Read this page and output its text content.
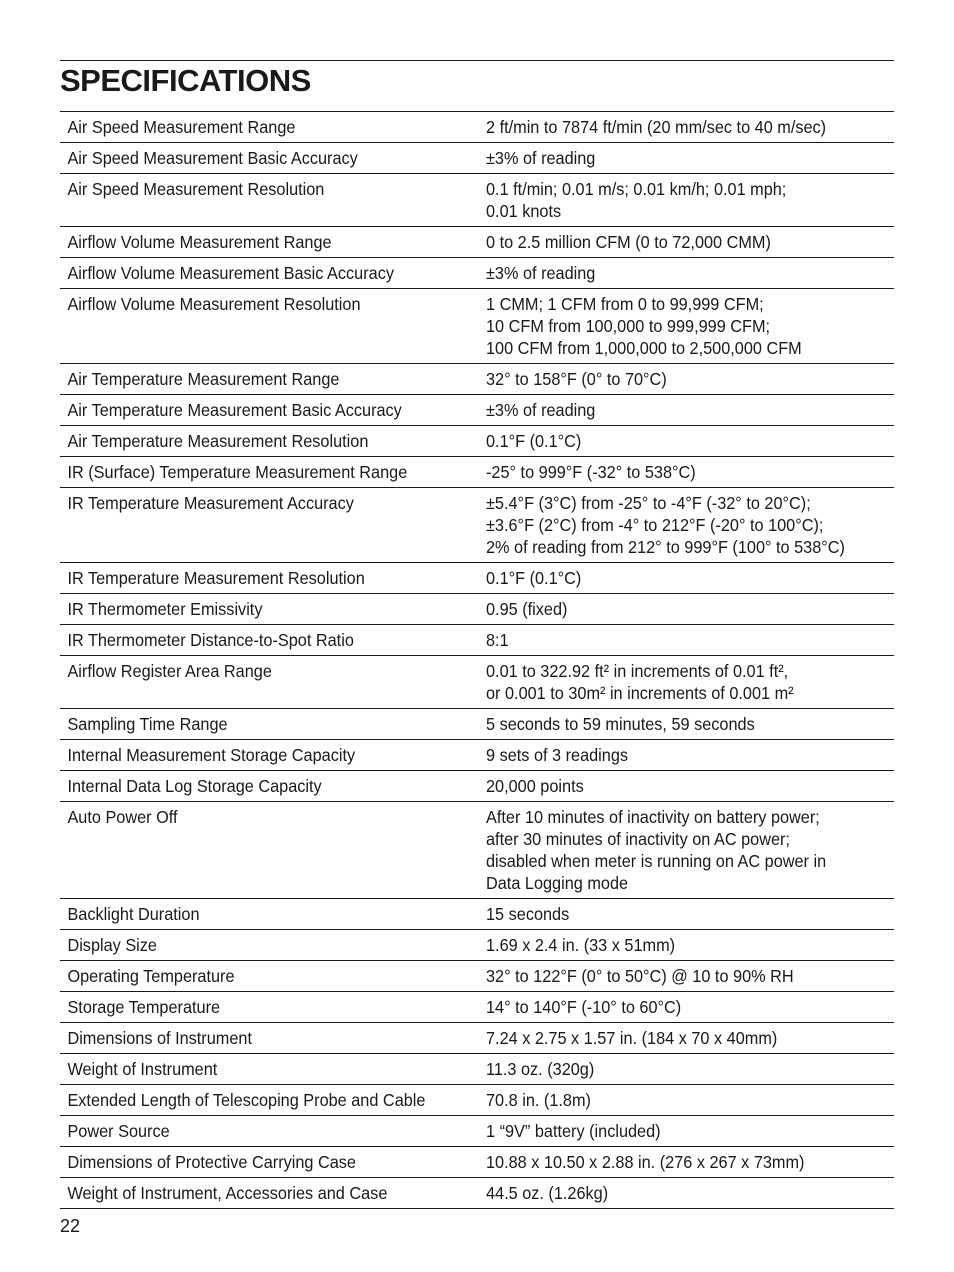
SPECIFICATIONS
Air Speed Measurement Range	2 ft/min to 7874 ft/min (20 mm/sec to 40 m/sec)
Air Speed Measurement Basic Accuracy	±3% of reading
Air Speed Measurement Resolution	0.1 ft/min; 0.01 m/s; 0.01 km/h; 0.01 mph;
0.01 knots
Airflow Volume Measurement Range	0 to 2.5 million CFM (0 to 72,000 CMM)
Airflow Volume Measurement Basic Accuracy	±3% of reading
Airflow Volume Measurement Resolution	1 CMM; 1 CFM from 0 to 99,999 CFM;
10 CFM from 100,000 to 999,999 CFM;
100 CFM from 1,000,000 to 2,500,000 CFM
Air Temperature Measurement Range	32° to 158°F (0° to 70°C)
Air Temperature Measurement Basic Accuracy	±3% of reading
Air Temperature Measurement Resolution	0.1°F (0.1°C)
IR (Surface) Temperature Measurement Range	-25° to 999°F (-32° to 538°C)
IR Temperature Measurement Accuracy	±5.4°F (3°C) from -25° to -4°F (-32° to 20°C);
±3.6°F (2°C) from -4° to 212°F (-20° to 100°C);
2% of reading from 212° to 999°F (100° to 538°C)
IR Temperature Measurement Resolution	0.1°F (0.1°C)
IR Thermometer Emissivity	0.95 (fixed)
IR Thermometer Distance-to-Spot Ratio	8:1
Airflow Register Area Range	0.01 to 322.92 ft² in increments of 0.01 ft²,
or 0.001 to 30m² in increments of 0.001 m²
Sampling Time Range	5 seconds to 59 minutes, 59 seconds
Internal Measurement Storage Capacity	9 sets of 3 readings
Internal Data Log Storage Capacity	20,000 points
Auto Power Off	After 10 minutes of inactivity on battery power;
after 30 minutes of inactivity on AC power;
disabled when meter is running on AC power in
Data Logging mode
Backlight Duration	15 seconds
Display Size	1.69 x 2.4 in. (33 x 51mm)
Operating Temperature	32° to 122°F (0° to 50°C) @ 10 to 90% RH
Storage Temperature	14° to 140°F (-10° to 60°C)
Dimensions of Instrument	7.24 x 2.75 x 1.57 in. (184 x 70 x 40mm)
Weight of Instrument	11.3 oz. (320g)
Extended Length of Telescoping Probe and Cable	70.8 in. (1.8m)
Power Source	1 “9V” battery (included)
Dimensions of Protective Carrying Case	10.88 x 10.50 x 2.88 in. (276 x 267 x 73mm)
Weight of Instrument, Accessories and Case	44.5 oz. (1.26kg)
22
